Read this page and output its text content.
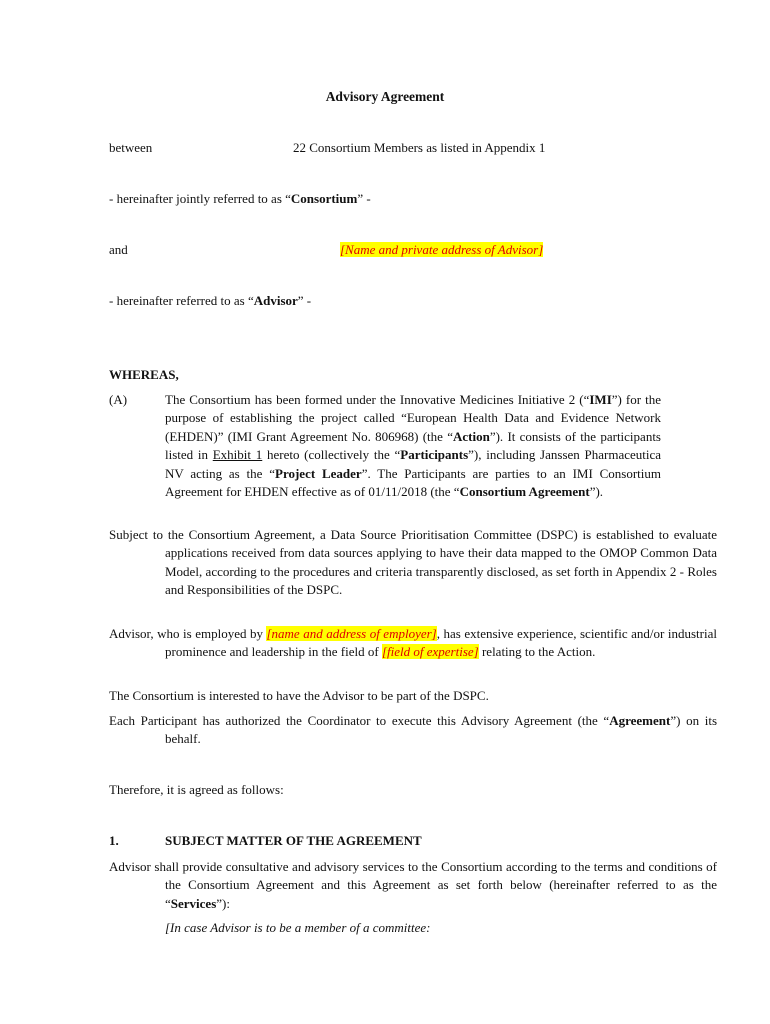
Advisory Agreement
between	22 Consortium Members as listed in Appendix 1
- hereinafter jointly referred to as “Consortium” -
and	[Name and private address of Advisor]
- hereinafter referred to as “Advisor” -
WHEREAS,
(A)	The Consortium has been formed under the Innovative Medicines Initiative 2 (“IMI”) for the purpose of establishing the project called “European Health Data and Evidence Network (EHDEN)” (IMI Grant Agreement No. 806968) (the “Action”). It consists of the participants listed in Exhibit 1 hereto (collectively the “Participants”), including Janssen Pharmaceutica NV acting as the “Project Leader”. The Participants are parties to an IMI Consortium Agreement for EHDEN effective as of 01/11/2018 (the “Consortium Agreement”).
Subject to the Consortium Agreement, a Data Source Prioritisation Committee (DSPC) is established to evaluate applications received from data sources applying to have their data mapped to the OMOP Common Data Model, according to the procedures and criteria transparently disclosed, as set forth in Appendix 2 - Roles and Responsibilities of the DSPC.
Advisor, who is employed by [name and address of employer], has extensive experience, scientific and/or industrial prominence and leadership in the field of [field of expertise] relating to the Action.
The Consortium is interested to have the Advisor to be part of the DSPC.
Each Participant has authorized the Coordinator to execute this Advisory Agreement (the “Agreement”) on its behalf.
Therefore, it is agreed as follows:
1.	SUBJECT MATTER OF THE AGREEMENT
Advisor shall provide consultative and advisory services to the Consortium according to the terms and conditions of the Consortium Agreement and this Agreement as set forth below (hereinafter referred to as the “Services”):
[In case Advisor is to be a member of a committee:
